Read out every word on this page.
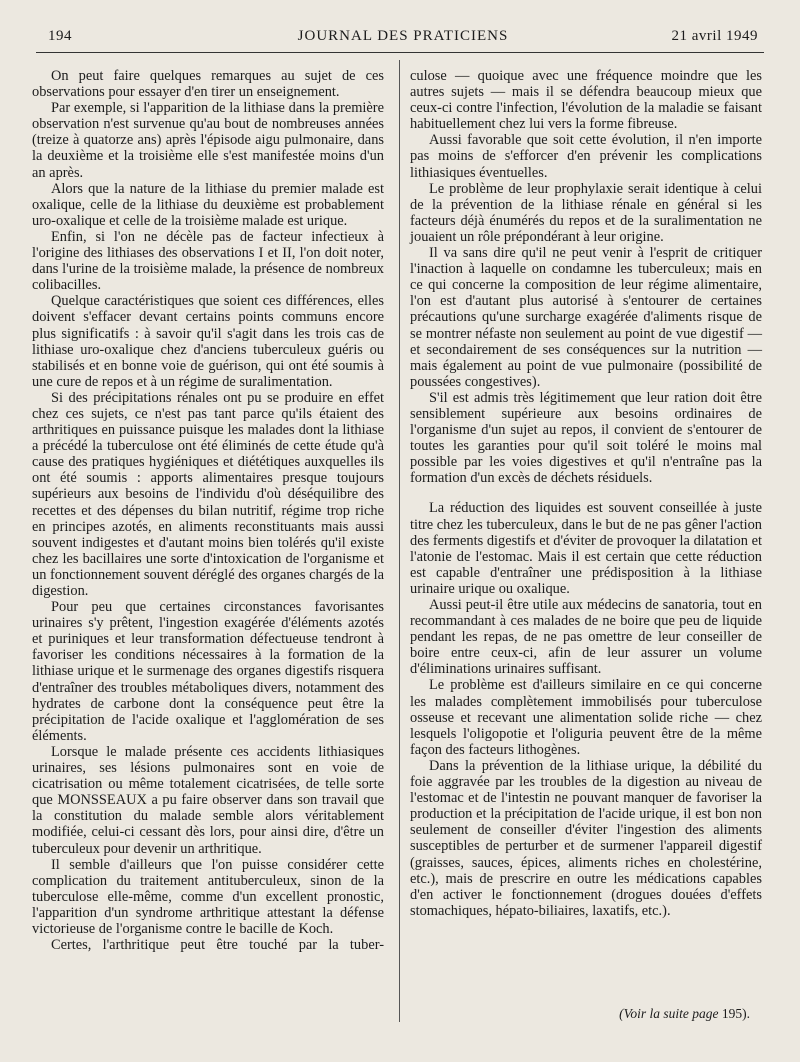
194	JOURNAL DES PRATICIENS	21 avril 1949

On peut faire quelques remarques au sujet de ces observations pour essayer d'en tirer un enseignement.

Par exemple, si l'apparition de la lithiase dans la première observation n'est survenue qu'au bout de nombreuses années (treize à quatorze ans) après l'épisode aigu pulmonaire, dans la deuxième et la troisième elle s'est manifestée moins d'un an après.

Alors que la nature de la lithiase du premier malade est oxalique, celle de la lithiase du deuxième est probablement uro-oxalique et celle de la troisième malade est urique.

Enfin, si l'on ne décèle pas de facteur infectieux à l'origine des lithiases des observations I et II, l'on doit noter, dans l'urine de la troisième malade, la présence de nombreux colibacilles.

Quelque caractéristiques que soient ces différences, elles doivent s'effacer devant certains points communs encore plus significatifs : à savoir qu'il s'agit dans les trois cas de lithiase uro-oxalique chez d'anciens tuberculeux guéris ou stabilisés et en bonne voie de guérison, qui ont été soumis à une cure de repos et à un régime de suralimentation.

Si des précipitations rénales ont pu se produire en effet chez ces sujets, ce n'est pas tant parce qu'ils étaient des arthritiques en puissance puisque les malades dont la lithiase a précédé la tuberculose ont été éliminés de cette étude qu'à cause des pratiques hygiéniques et diététiques auxquelles ils ont été soumis : apports alimentaires presque toujours supérieurs aux besoins de l'individu d'où déséquilibre des recettes et des dépenses du bilan nutritif, régime trop riche en principes azotés, en aliments reconstituants mais aussi souvent indigestes et d'autant moins bien tolérés qu'il existe chez les bacillaires une sorte d'intoxication de l'organisme et un fonctionnement souvent déréglé des organes chargés de la digestion.

Pour peu que certaines circonstances favorisantes urinaires s'y prêtent, l'ingestion exagérée d'éléments azotés et puriniques et leur transformation défectueuse tendront à favoriser les conditions nécessaires à la formation de la lithiase urique et le surmenage des organes digestifs risquera d'entraîner des troubles métaboliques divers, notamment des hydrates de carbone dont la conséquence peut être la précipitation de l'acide oxalique et l'agglomération de ses éléments.

Lorsque le malade présente ces accidents lithiasiques urinaires, ses lésions pulmonaires sont en voie de cicatrisation ou même totalement cicatrisées, de telle sorte que MONSSEAUX a pu faire observer dans son travail que la constitution du malade semble alors véritablement modifiée, celui-ci cessant dès lors, pour ainsi dire, d'être un tuberculeux pour devenir un arthritique.

Il semble d'ailleurs que l'on puisse considérer cette complication du traitement antituberculeux, sinon de la tuberculose elle-même, comme d'un excellent pronostic, l'apparition d'un syndrome arthritique attestant la défense victorieuse de l'organisme contre le bacille de Koch.

Certes, l'arthritique peut être touché par la tuber-

culose — quoique avec une fréquence moindre que les autres sujets — mais il se défendra beaucoup mieux que ceux-ci contre l'infection, l'évolution de la maladie se faisant habituellement chez lui vers la forme fibreuse.

Aussi favorable que soit cette évolution, il n'en importe pas moins de s'efforcer d'en prévenir les complications lithiasiques éventuelles.

Le problème de leur prophylaxie serait identique à celui de la prévention de la lithiase rénale en général si les facteurs déjà énumérés du repos et de la suralimentation ne jouaient un rôle prépondérant à leur origine.

Il va sans dire qu'il ne peut venir à l'esprit de critiquer l'inaction à laquelle on condamne les tuberculeux; mais en ce qui concerne la composition de leur régime alimentaire, l'on est d'autant plus autorisé à s'entourer de certaines précautions qu'une surcharge exagérée d'aliments risque de se montrer néfaste non seulement au point de vue digestif — et secondairement de ses conséquences sur la nutrition — mais également au point de vue pulmonaire (possibilité de poussées congestives).

S'il est admis très légitimement que leur ration doit être sensiblement supérieure aux besoins ordinaires de l'organisme d'un sujet au repos, il convient de s'entourer de toutes les garanties pour qu'il soit toléré le moins mal possible par les voies digestives et qu'il n'entraîne pas la formation d'un excès de déchets résiduels.

La réduction des liquides est souvent conseillée à juste titre chez les tuberculeux, dans le but de ne pas gêner l'action des ferments digestifs et d'éviter de provoquer la dilatation et l'atonie de l'estomac. Mais il est certain que cette réduction est capable d'entraîner une prédisposition à la lithiase urinaire urique ou oxalique.

Aussi peut-il être utile aux médecins de sanatoria, tout en recommandant à ces malades de ne boire que peu de liquide pendant les repas, de ne pas omettre de leur conseiller de boire entre ceux-ci, afin de leur assurer un volume d'éliminations urinaires suffisant.

Le problème est d'ailleurs similaire en ce qui concerne les malades complètement immobilisés pour tuberculose osseuse et recevant une alimentation solide riche — chez lesquels l'oligopotie et l'oliguria peuvent être de la même façon des facteurs lithogènes.

Dans la prévention de la lithiase urique, la débilité du foie aggravée par les troubles de la digestion au niveau de l'estomac et de l'intestin ne pouvant manquer de favoriser la production et la précipitation de l'acide urique, il est bon non seulement de conseiller d'éviter l'ingestion des aliments susceptibles de perturber et de surmener l'appareil digestif (graisses, sauces, épices, aliments riches en cholestérine, etc.), mais de prescrire en outre les médications capables d'en activer le fonctionnement (drogues douées d'effets stomachiques, hépato-biliaires, laxatifs, etc.).

(Voir la suite page 195).
